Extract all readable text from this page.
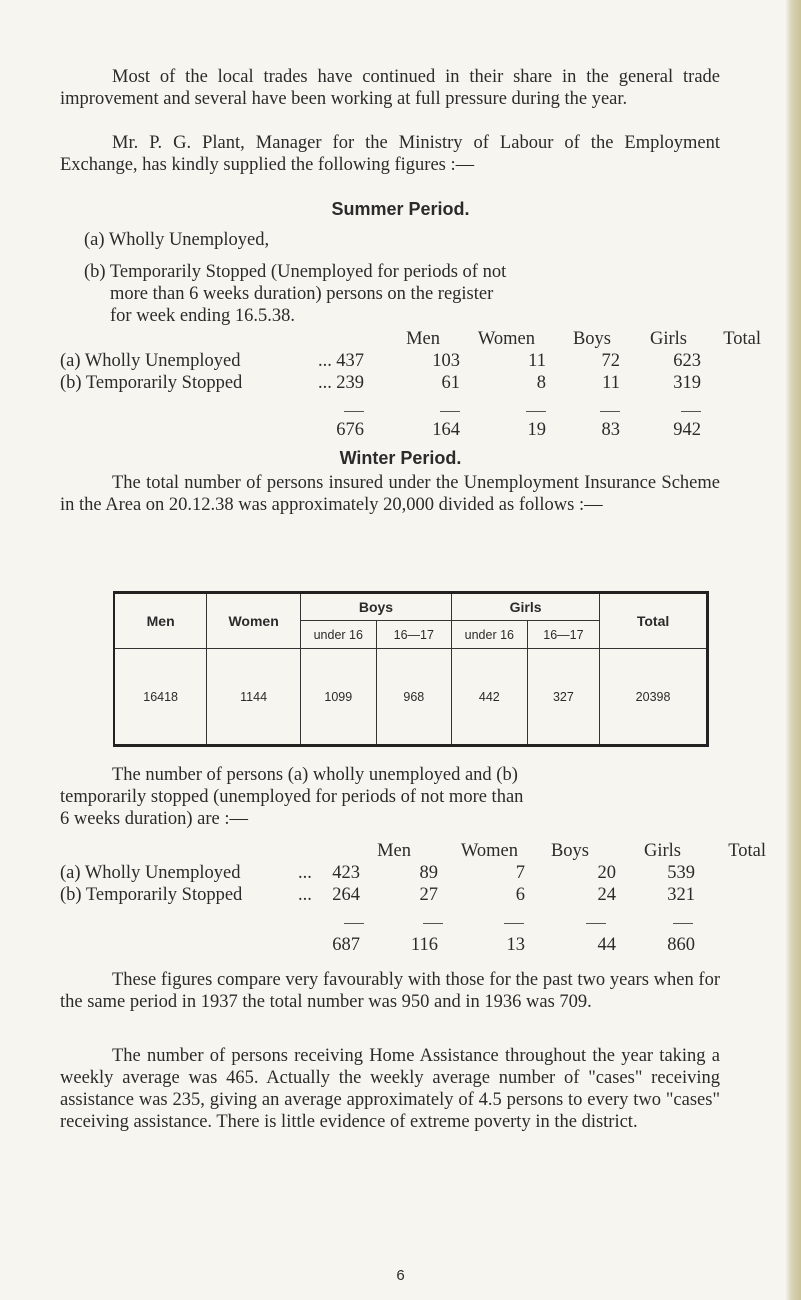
Most of the local trades have continued in their share in the general trade improvement and several have been working at full pressure during the year.

Mr. P. G. Plant, Manager for the Ministry of Labour of the Employment Exchange, has kindly supplied the following figures :—

Summer Period.
(a) Wholly Unemployed,
(b) Temporarily Stopped (Unemployed for periods of not
more than 6 weeks duration) persons on the register
for week ending 16.5.38.
Men	Women	Boys	Girls	Total
(a) Wholly Unemployed	... 437	103	11	72	623
(b) Temporarily Stopped	... 239	61	8	11	319
676	164	19	83	942
Winter Period.

The total number of persons insured under the Unemployment Insurance Scheme in the Area on 20.12.38 was approximately 20,000 divided as follows :—

Men	Women	Boys		Girls		Total
		under 16	16—17	under 16	16—17	
16418	1144	1099	968	442	327	20398
The number of persons (a) wholly unemployed and (b)
temporarily stopped (unemployed for periods of not more than
6 weeks duration) are :—
Men	Women	Boys	Girls	Total
(a) Wholly Unemployed	...	423	89	7	20	539
(b) Temporarily Stopped	...	264	27	6	24	321
687	116	13	44	860

These figures compare very favourably with those for the past two years when for the same period in 1937 the total number was 950 and in 1936 was 709.

The number of persons receiving Home Assistance throughout the year taking a weekly average was 465. Actually the weekly average number of "cases" receiving assistance was 235, giving an average approximately of 4.5 persons to every two "cases" receiving assistance. There is little evidence of extreme poverty in the district.

6
